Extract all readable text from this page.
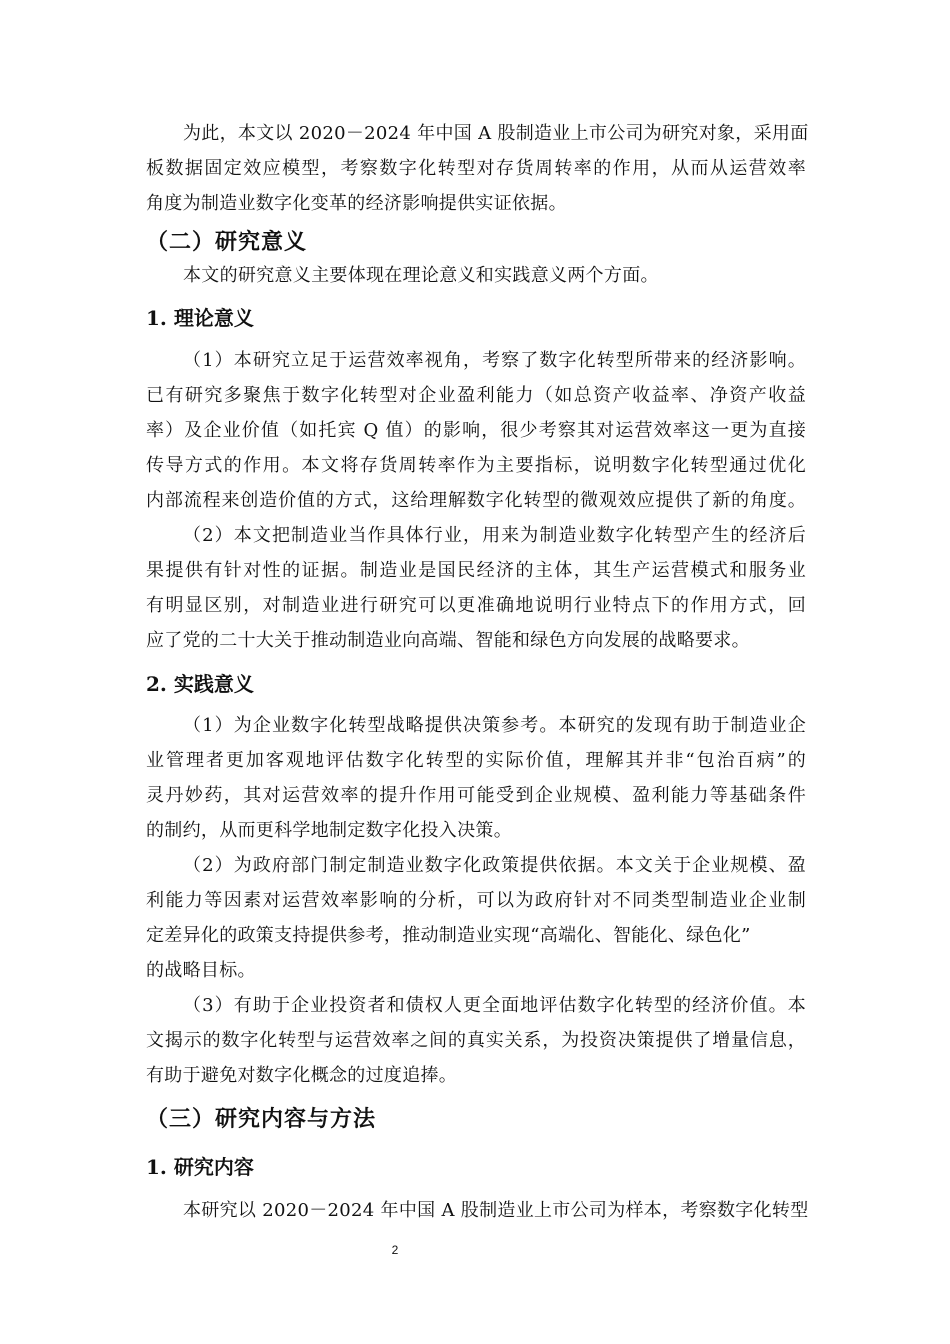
为此，本文以 2020－2024 年中国 A 股制造业上市公司为研究对象，采用面
板数据固定效应模型，考察数字化转型对存货周转率的作用，从而从运营效率
角度为制造业数字化变革的经济影响提供实证依据。
（二）研究意义
本文的研究意义主要体现在理论意义和实践意义两个方面。
1. 理论意义
（1）本研究立足于运营效率视角，考察了数字化转型所带来的经济影响。
已有研究多聚焦于数字化转型对企业盈利能力（如总资产收益率、净资产收益
率）及企业价值（如托宾 Q 值）的影响，很少考察其对运营效率这一更为直接
传导方式的作用。本文将存货周转率作为主要指标，说明数字化转型通过优化
内部流程来创造价值的方式，这给理解数字化转型的微观效应提供了新的角度。
（2）本文把制造业当作具体行业，用来为制造业数字化转型产生的经济后
果提供有针对性的证据。制造业是国民经济的主体，其生产运营模式和服务业
有明显区别，对制造业进行研究可以更准确地说明行业特点下的作用方式，回
应了党的二十大关于推动制造业向高端、智能和绿色方向发展的战略要求。
2. 实践意义
（1）为企业数字化转型战略提供决策参考。本研究的发现有助于制造业企
业管理者更加客观地评估数字化转型的实际价值，理解其并非“包治百病”的
灵丹妙药，其对运营效率的提升作用可能受到企业规模、盈利能力等基础条件
的制约，从而更科学地制定数字化投入决策。
（2）为政府部门制定制造业数字化政策提供依据。本文关于企业规模、盈
利能力等因素对运营效率影响的分析，可以为政府针对不同类型制造业企业制
定差异化的政策支持提供参考，推动制造业实现“高端化、智能化、绿色化”
的战略目标。
（3）有助于企业投资者和债权人更全面地评估数字化转型的经济价值。本
文揭示的数字化转型与运营效率之间的真实关系，为投资决策提供了增量信息，
有助于避免对数字化概念的过度追捧。
（三）研究内容与方法
1. 研究内容
本研究以 2020－2024 年中国 A 股制造业上市公司为样本，考察数字化转型
2
